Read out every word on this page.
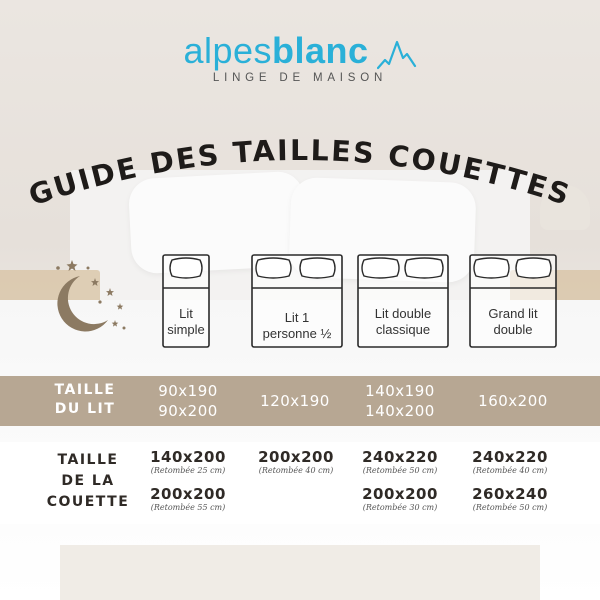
alpesblanc
LINGE DE MAISON
GUIDE DES TAILLES COUETTES
Lit
simple
Lit 1
personne ½
Lit double
classique
Grand lit
double
TAILLE
DU LIT
90x190
90x200
120x190
140x190
140x200
160x200
TAILLE
DE LA
COUETTE
140x200
(Retombée 25 cm)
200x200
(Retombée 55 cm)
200x200
(Retombée 40 cm)
240x220
(Retombée 50 cm)
200x200
(Retombée 30 cm)
240x220
(Retombée 40 cm)
260x240
(Retombée 50 cm)
